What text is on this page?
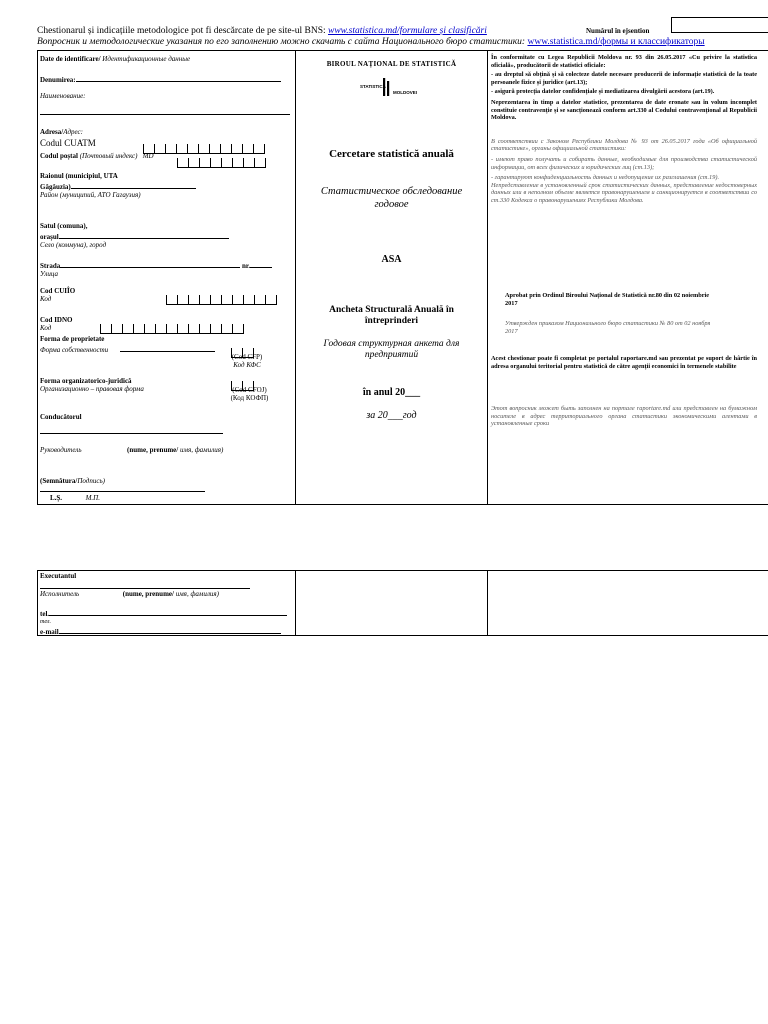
Chestionarul și indicațiile metodologice pot fi descărcate de pe site-ul BNS: www.statistica.md/formulare și clasificări
Вопросник и методологические указания по его заполнению можно скачать с сайта Национального бюро статистики: www.statistica.md/формы и классификаторы
Numărul în ejsention
Date de identificare/ Идентификационные данные
Denumirea:
Наименование:
Adresa/Адрес:
Codul CUATM
Codul poștal (Почтовый индекс) MD
Raionul (municipiul, UTA
Găgăuzia)
Район (муниципий, АТО Гагаузия)
Satul (comuna),
orașul
Село (коммуна), город
Strada	nr.
Улица
Cod CUIÎO
Код
Cod IDNO
Код
Forma de proprietate
Форма собственности
(Cod CFP)
Код КФС
Forma organizatorico-juridică
Организационно – правовая форма	(Cod CFOJ)
(Код КОФП)
Conducătorul
Руководитель	(nume, prenume/ имя, фамилия)
(Semnătura/Подпись)
L.Ș.	М.П.
BIROUL NAȚIONAL DE STATISTICĂ
STATISTICA
MOLDOVEI
Cercetare statistică anuală
Статистическое обследование годовое
ASA
Ancheta Structurală Anuală în întreprinderi
Годовая структурная анкета для предприятий
în anul 20___
за 20___год
În conformitate cu Legea Republicii Moldova nr. 93 din 26.05.2017 «Cu privire la statistica oficială», producătorii de statistici oficiale:
- au dreptul să obțină și să colecteze datele necesare producerii de informație statistică de la toate persoanele fizice și juridice (art.13);
- asigură protecția datelor confidențiale și mediatizarea divulgării acestora (art.19).
Neprezentarea în timp a datelor statistice, prezentarea de date eronate sau în volum incomplet constituie contravenție și se sancționează conform art.330 al Codului contravențional al Republicii Moldova.
В соответствии с Законом Республики Молдова № 93 от 26.05.2017 года «Об официальной статистике», органы официальной статистики:
- имеют право получать и собирать данные, необходимые для производства статистической информации, от всех физических и юридических лиц (ст.13);
- гарантируют конфиденциальность данных и недопущение их разглашения (ст.19).
Непредставление в установленный срок статистических данных, представление недостоверных данных или в неполном объеме является правонарушением и санкционируется в соответствии со ст.330 Кодекса о правонарушениях Республики Молдова.
Aprobat prin Ordinul Biroului Național de Statistică nr.80 din 02 noiembrie 2017
Утвержден приказом Национального бюро статистики № 80 от 02 ноября 2017
Acest chestionar poate fi completat pe portalul raportare.md sau prezentat pe suport de hârtie în adresa organului teritorial pentru statistică de către agenții economici în termenele stabilite
Этот вопросник может быть заполнен на портале raportare.md или представлен на бумажном носителе в адрес территориального органа статистики экономическими агентами в установленные сроки
Executantul
Исполнитель	(nume, prenume/ имя, фамилия)
tel.
тел.
e-mail
